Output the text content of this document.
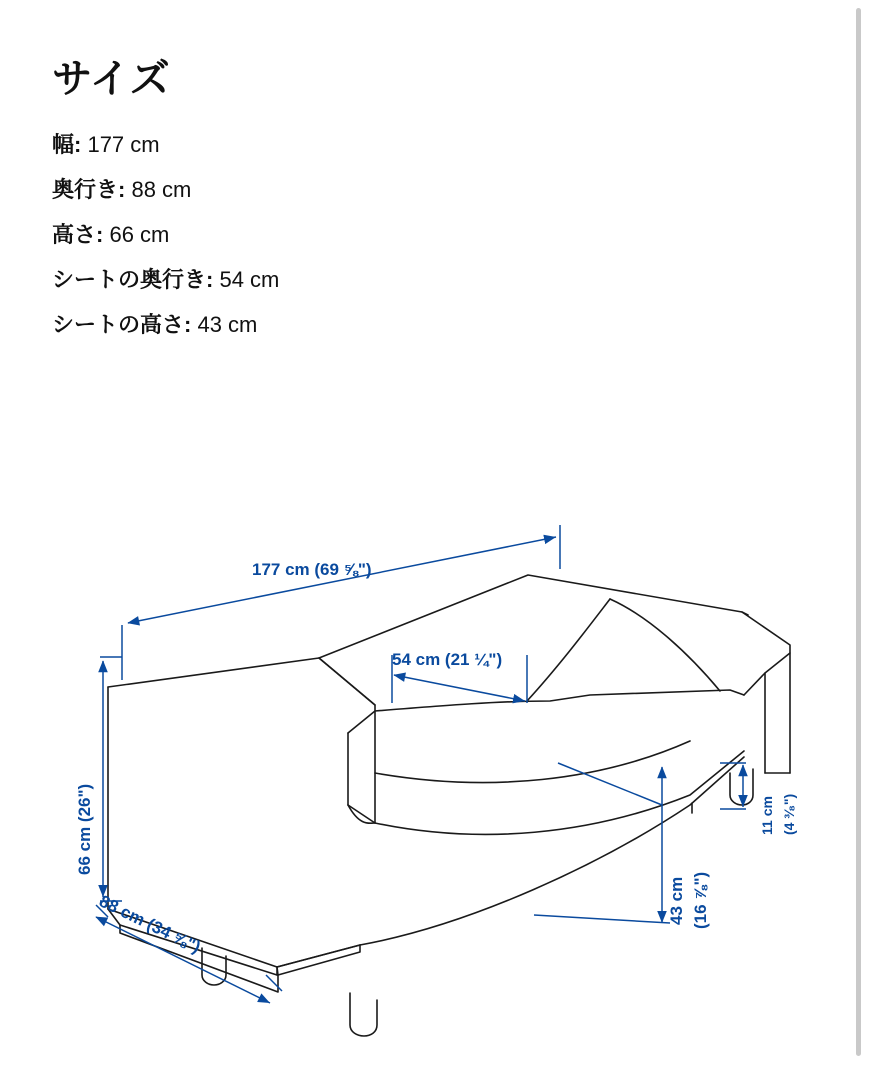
サイズ
幅: 177 cm
奥行き: 88 cm
高さ: 66 cm
シートの奥行き: 54 cm
シートの高さ: 43 cm
177 cm (69 ⅝")
54 cm (21 ¼")
66 cm (26")
88 cm (34 ⅝")	43 cm (16 ⅞")
11 cm (4 ³⁄₈")
